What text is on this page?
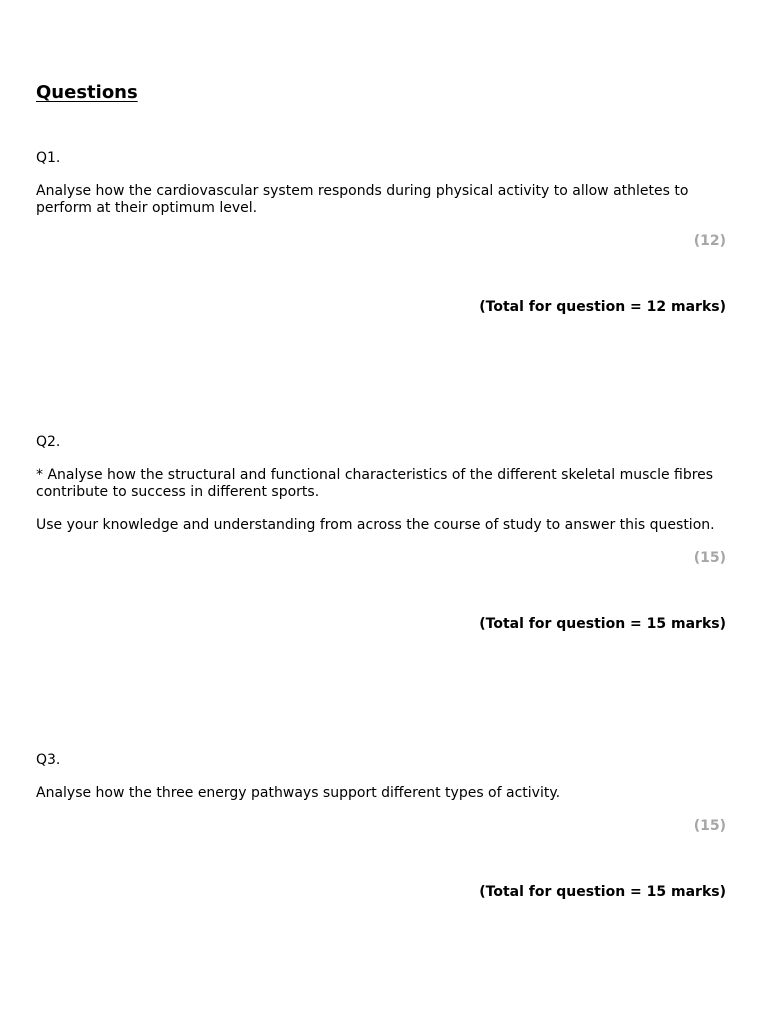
Questions

Q1.

Analyse how the cardiovascular system responds during physical activity to allow athletes to perform at their optimum level.

(12)

(Total for question = 12 marks)

Q2.

* Analyse how the structural and functional characteristics of the different skeletal muscle fibres contribute to success in different sports.

Use your knowledge and understanding from across the course of study to answer this question.

(15)

(Total for question = 15 marks)

Q3.

Analyse how the three energy pathways support different types of activity.

(15)

(Total for question = 15 marks)
